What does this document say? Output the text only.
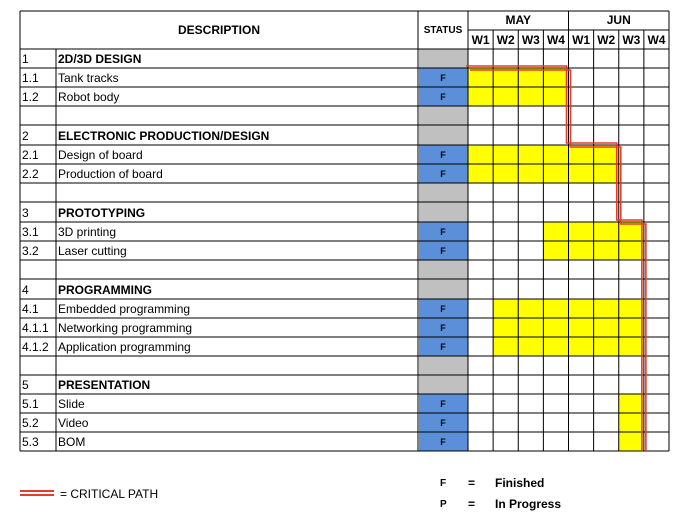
DESCRIPTION	STATUS
MAY	JUN
W1 W2 W3 W4 W1 W2 W3 W4
1 2D/3D DESIGN
1.1 Tank tracks	F
1.2 Robot body	F
2 ELECTRONIC PRODUCTION/DESIGN
2.1 Design of board	F
2.2 Production of board	F
3 PROTOTYPING
3.1 3D printing	F
3.2 Laser cutting	F
4 PROGRAMMING
4.1 Embedded programming	F
4.1.1 Networking programming	F
4.1.2 Application programming	F
5 PRESENTATION
5.1 Slide	F
5.2 Video	F
5.3 BOM	F
= CRITICAL PATH
F = Finished
P = In Progress
